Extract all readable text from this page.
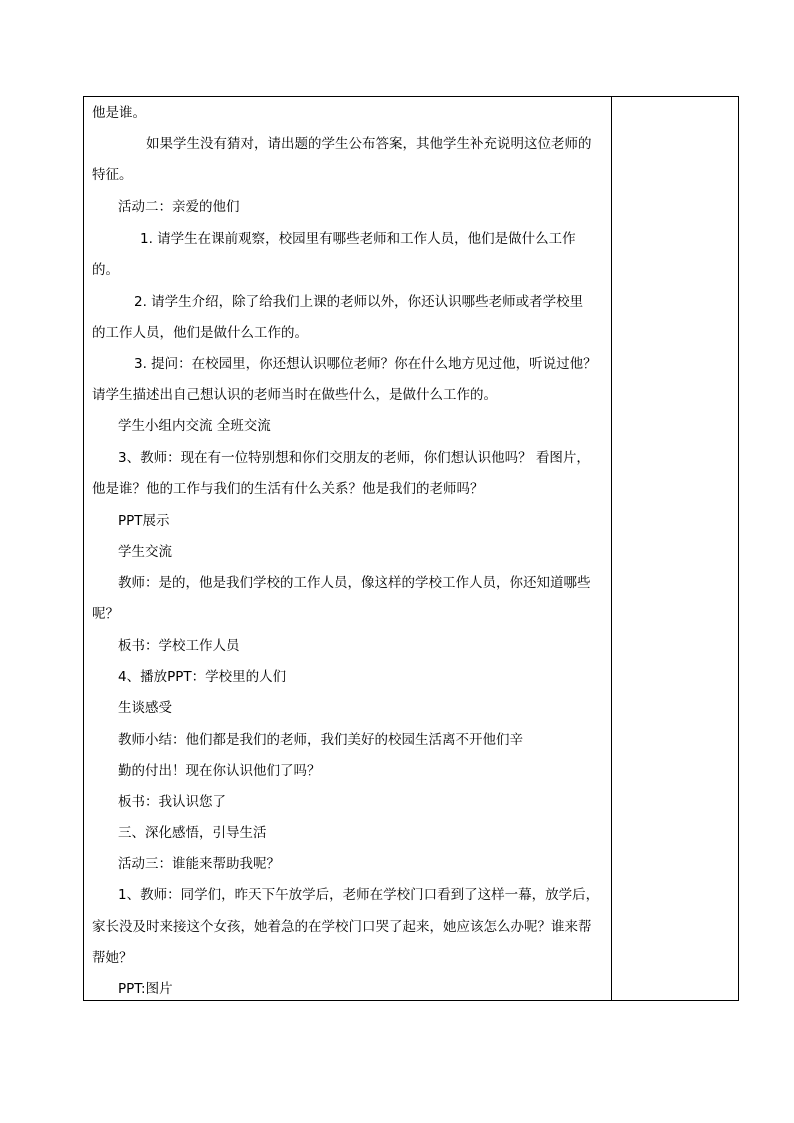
他是谁。
如果学生没有猜对，请出题的学生公布答案，其他学生补充说明这位老师的
特征。
活动二：亲爱的他们
1. 请学生在课前观察，校园里有哪些老师和工作人员，他们是做什么工作
的。
2. 请学生介绍，除了给我们上课的老师以外，你还认识哪些老师或者学校里
的工作人员，他们是做什么工作的。
3. 提问：在校园里，你还想认识哪位老师？你在什么地方见过他，听说过他？
请学生描述出自己想认识的老师当时在做些什么，是做什么工作的。
学生小组内交流 全班交流
3、教师：现在有一位特别想和你们交朋友的老师，你们想认识他吗？ 看图片，
他是谁？他的工作与我们的生活有什么关系？他是我们的老师吗？
PPT展示
学生交流
教师：是的，他是我们学校的工作人员，像这样的学校工作人员，你还知道哪些
呢？
板书：学校工作人员
4、播放PPT：学校里的人们
生谈感受
教师小结：他们都是我们的老师，我们美好的校园生活离不开他们辛
勤的付出！现在你认识他们了吗？
板书：我认识您了
三、深化感悟，引导生活
活动三：谁能来帮助我呢？
1、教师：同学们，昨天下午放学后，老师在学校门口看到了这样一幕，放学后，
家长没及时来接这个女孩，她着急的在学校门口哭了起来，她应该怎么办呢？谁来帮
帮她？
PPT:图片
